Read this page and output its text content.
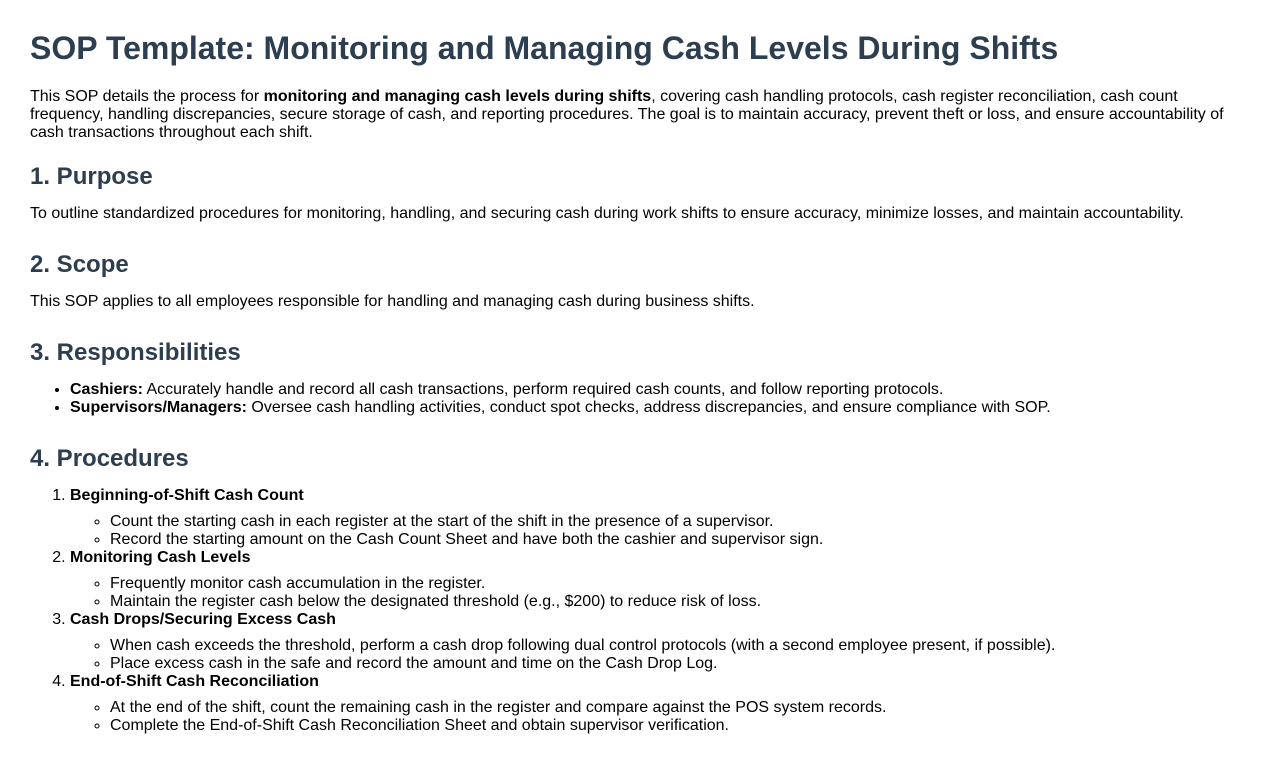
SOP Template: Monitoring and Managing Cash Levels During Shifts

This SOP details the process for monitoring and managing cash levels during shifts, covering cash handling protocols, cash register reconciliation, cash count frequency, handling discrepancies, secure storage of cash, and reporting procedures. The goal is to maintain accuracy, prevent theft or loss, and ensure accountability of cash transactions throughout each shift.

1. Purpose

To outline standardized procedures for monitoring, handling, and securing cash during work shifts to ensure accuracy, minimize losses, and maintain accountability.

2. Scope

This SOP applies to all employees responsible for handling and managing cash during business shifts.

3. Responsibilities
• Cashiers: Accurately handle and record all cash transactions, perform required cash counts, and follow reporting protocols.
• Supervisors/Managers: Oversee cash handling activities, conduct spot checks, address discrepancies, and ensure compliance with SOP.
4. Procedures
1. Beginning-of-Shift Cash Count
◦ Count the starting cash in each register at the start of the shift in the presence of a supervisor.
◦ Record the starting amount on the Cash Count Sheet and have both the cashier and supervisor sign.
2. Monitoring Cash Levels
◦ Frequently monitor cash accumulation in the register.
◦ Maintain the register cash below the designated threshold (e.g., $200) to reduce risk of loss.
3. Cash Drops/Securing Excess Cash
◦ When cash exceeds the threshold, perform a cash drop following dual control protocols (with a second employee present, if possible).
◦ Place excess cash in the safe and record the amount and time on the Cash Drop Log.
4. End-of-Shift Cash Reconciliation
◦ At the end of the shift, count the remaining cash in the register and compare against the POS system records.
◦ Complete the End-of-Shift Cash Reconciliation Sheet and obtain supervisor verification.
